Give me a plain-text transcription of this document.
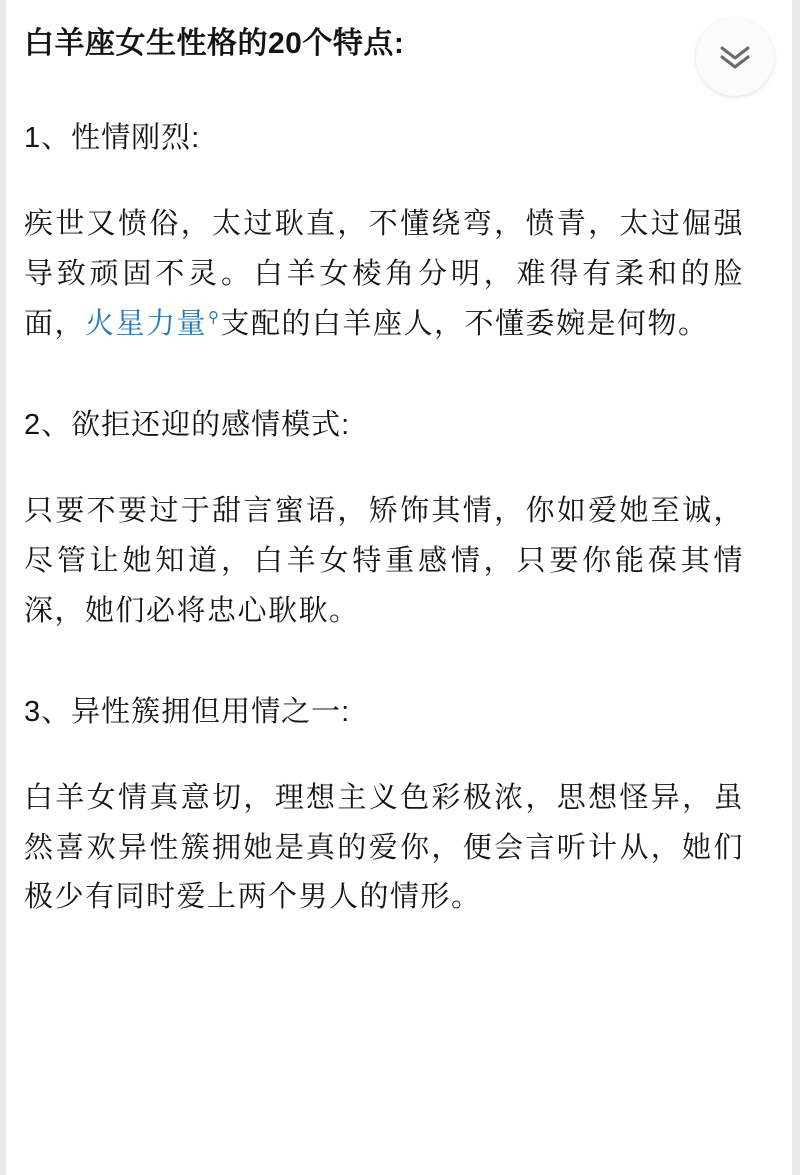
白羊座女生性格的20个特点:
1、性情刚烈:

疾世又愤俗，太过耿直，不懂绕弯，愤青，太过倔强导致顽固不灵。白羊女棱角分明，难得有柔和的脸面，火星力量⚲支配的白羊座人，不懂委婉是何物。

2、欲拒还迎的感情模式:

只要不要过于甜言蜜语，矫饰其情，你如爱她至诚，尽管让她知道，白羊女特重感情，只要你能葆其情深，她们必将忠心耿耿。

3、异性簇拥但用情之一:

白羊女情真意切，理想主义色彩极浓，思想怪异，虽然喜欢异性簇拥她是真的爱你，便会言听计从，她们极少有同时爱上两个男人的情形。
